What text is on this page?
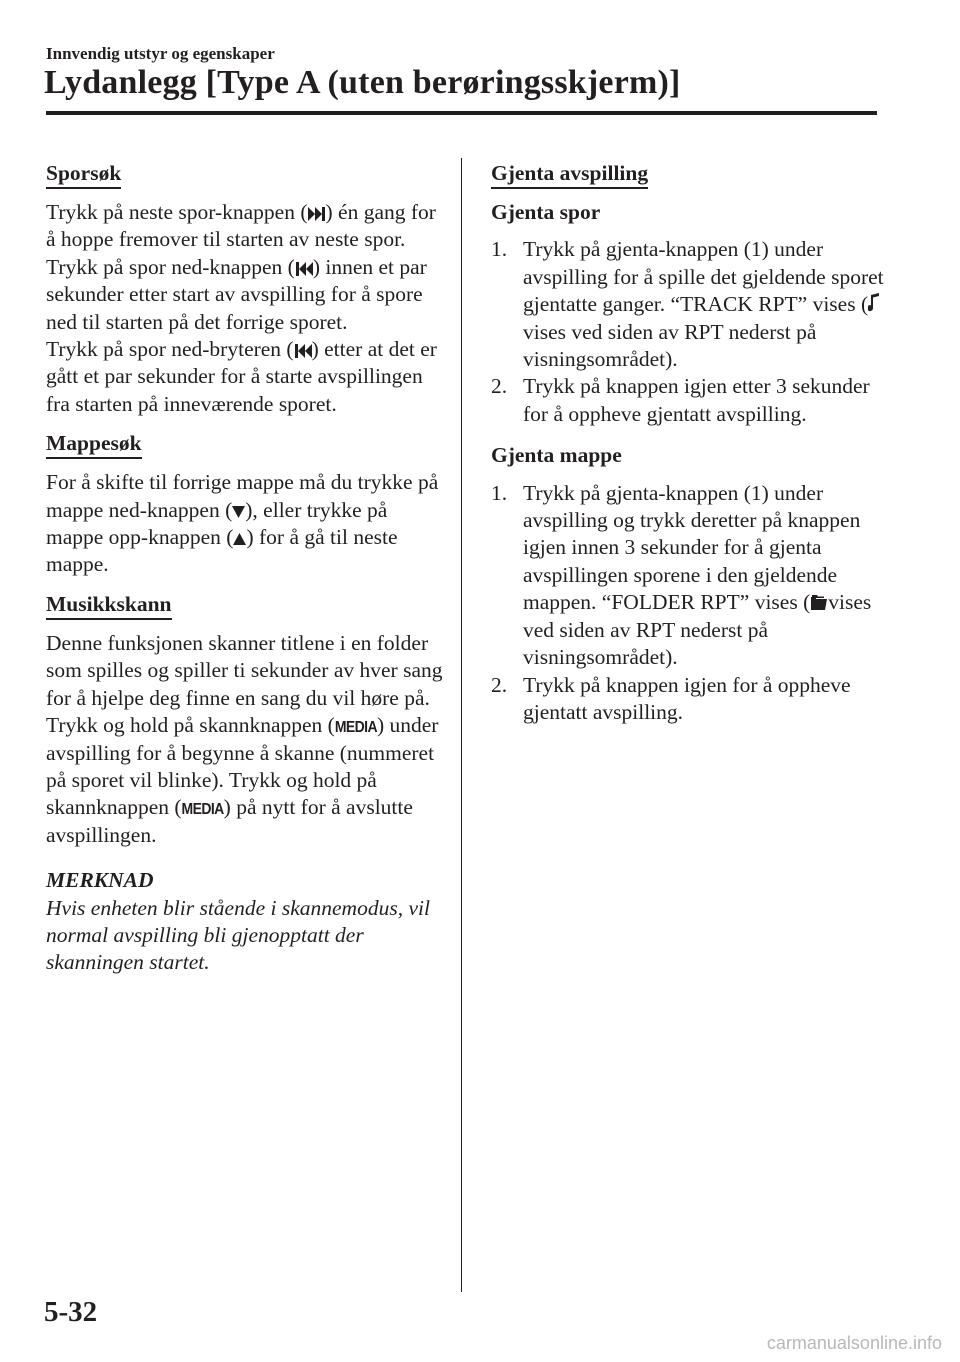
Innvendig utstyr og egenskaper
Lydanlegg [Type A (uten berøringsskjerm)]
Sporsøk

Trykk på neste spor-knappen ( ) én gang for å hoppe fremover til starten av neste spor.

Trykk på spor ned-knappen ( ) innen et par sekunder etter start av avspilling for å spore ned til starten på det forrige sporet.

Trykk på spor ned-bryteren ( ) etter at det er gått et par sekunder for å starte avspillingen fra starten på inneværende sporet.

Mappesøk

For å skifte til forrige mappe må du trykke på mappe ned-knappen ( ), eller trykke på mappe opp-knappen ( ) for å gå til neste mappe.

Musikkskann

Denne funksjonen skanner titlene i en folder som spilles og spiller ti sekunder av hver sang for å hjelpe deg finne en sang du vil høre på.

Trykk og hold på skannknappen (MEDIA) under avspilling for å begynne å skanne (nummeret på sporet vil blinke). Trykk og hold på skannknappen (MEDIA) på nytt for å avslutte avspillingen.

MERKNAD

Hvis enheten blir stående i skannemodus, vil normal avspilling bli gjenopptatt der skanningen startet.

Gjenta avspilling

Gjenta spor

1. Trykk på gjenta-knappen (1) under avspilling for å spille det gjeldende sporet gjentatte ganger. “TRACK RPT” vises (vises ved siden av RPT nederst på visningsområdet).
2. Trykk på knappen igjen etter 3 sekunder for å oppheve gjentatt avspilling.

Gjenta mappe

1. Trykk på gjenta-knappen (1) under avspilling og trykk deretter på knappen igjen innen 3 sekunder for å gjenta avspillingen sporene i den gjeldende mappen. “FOLDER RPT” vises ( vises ved siden av RPT nederst på visningsområdet).
2. Trykk på knappen igjen for å oppheve gjentatt avspilling.
5-32
carmanualsonline.info
